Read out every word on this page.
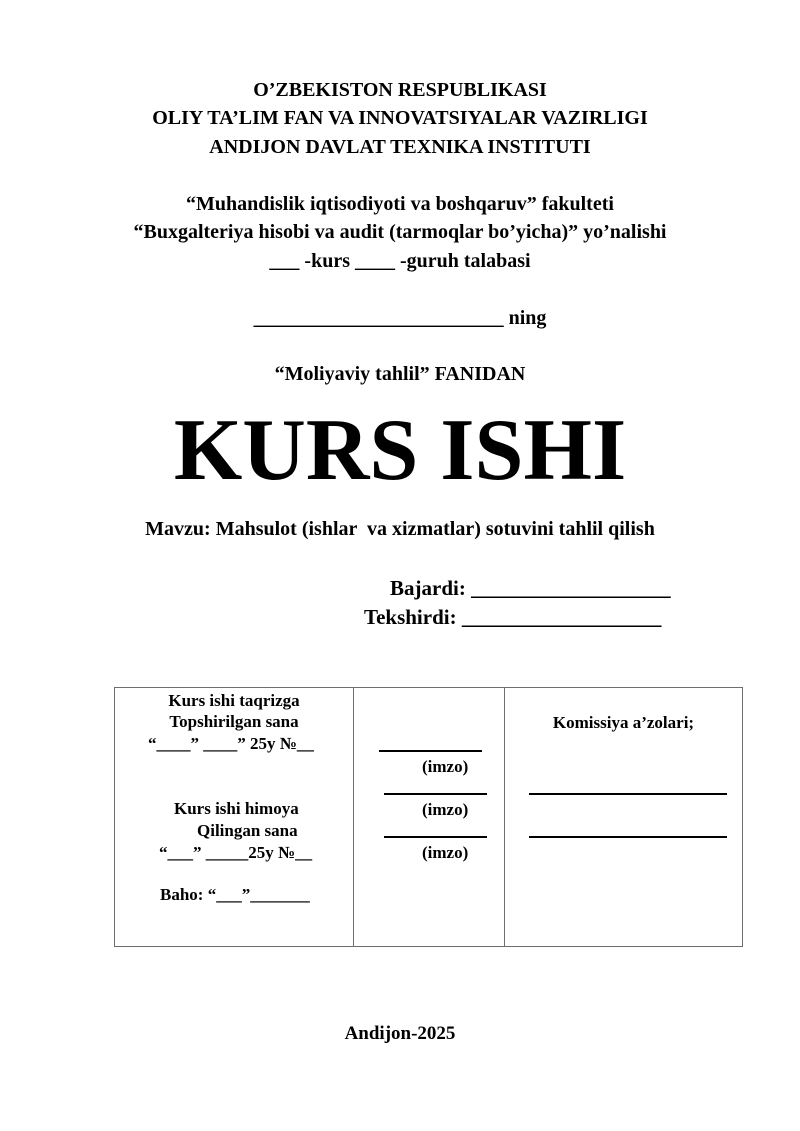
O’ZBEKISTON RESPUBLIKASI
OLIY TA’LIM FAN VA INNOVATSIYALAR VAZIRLIGI
ANDIJON DAVLAT TEXNIKA INSTITUTI
“Muhandislik iqtisodiyoti va boshqaruv” fakulteti
“Buxgalteriya hisobi va audit (tarmoqlar bo’yicha)” yo’nalishi
___ -kurs ____ -guruh talabasi
_________________________ ning
“Moliyaviy tahlil” FANIDAN
KURS ISHI
Mavzu: Mahsulot (ishlar  va xizmatlar) sotuvini tahlil qilish
Bajardi: ___________________
Tekshirdi: ___________________
Kurs ishi taqrizga
Topshirilgan sana
“____” ____” 25y №__
Kurs ishi himoya
Qilingan sana
“___” _____25y №__
Baho: “___”_______
(imzo)
(imzo)
(imzo)
Komissiya a’zolari;
Andijon-2025
